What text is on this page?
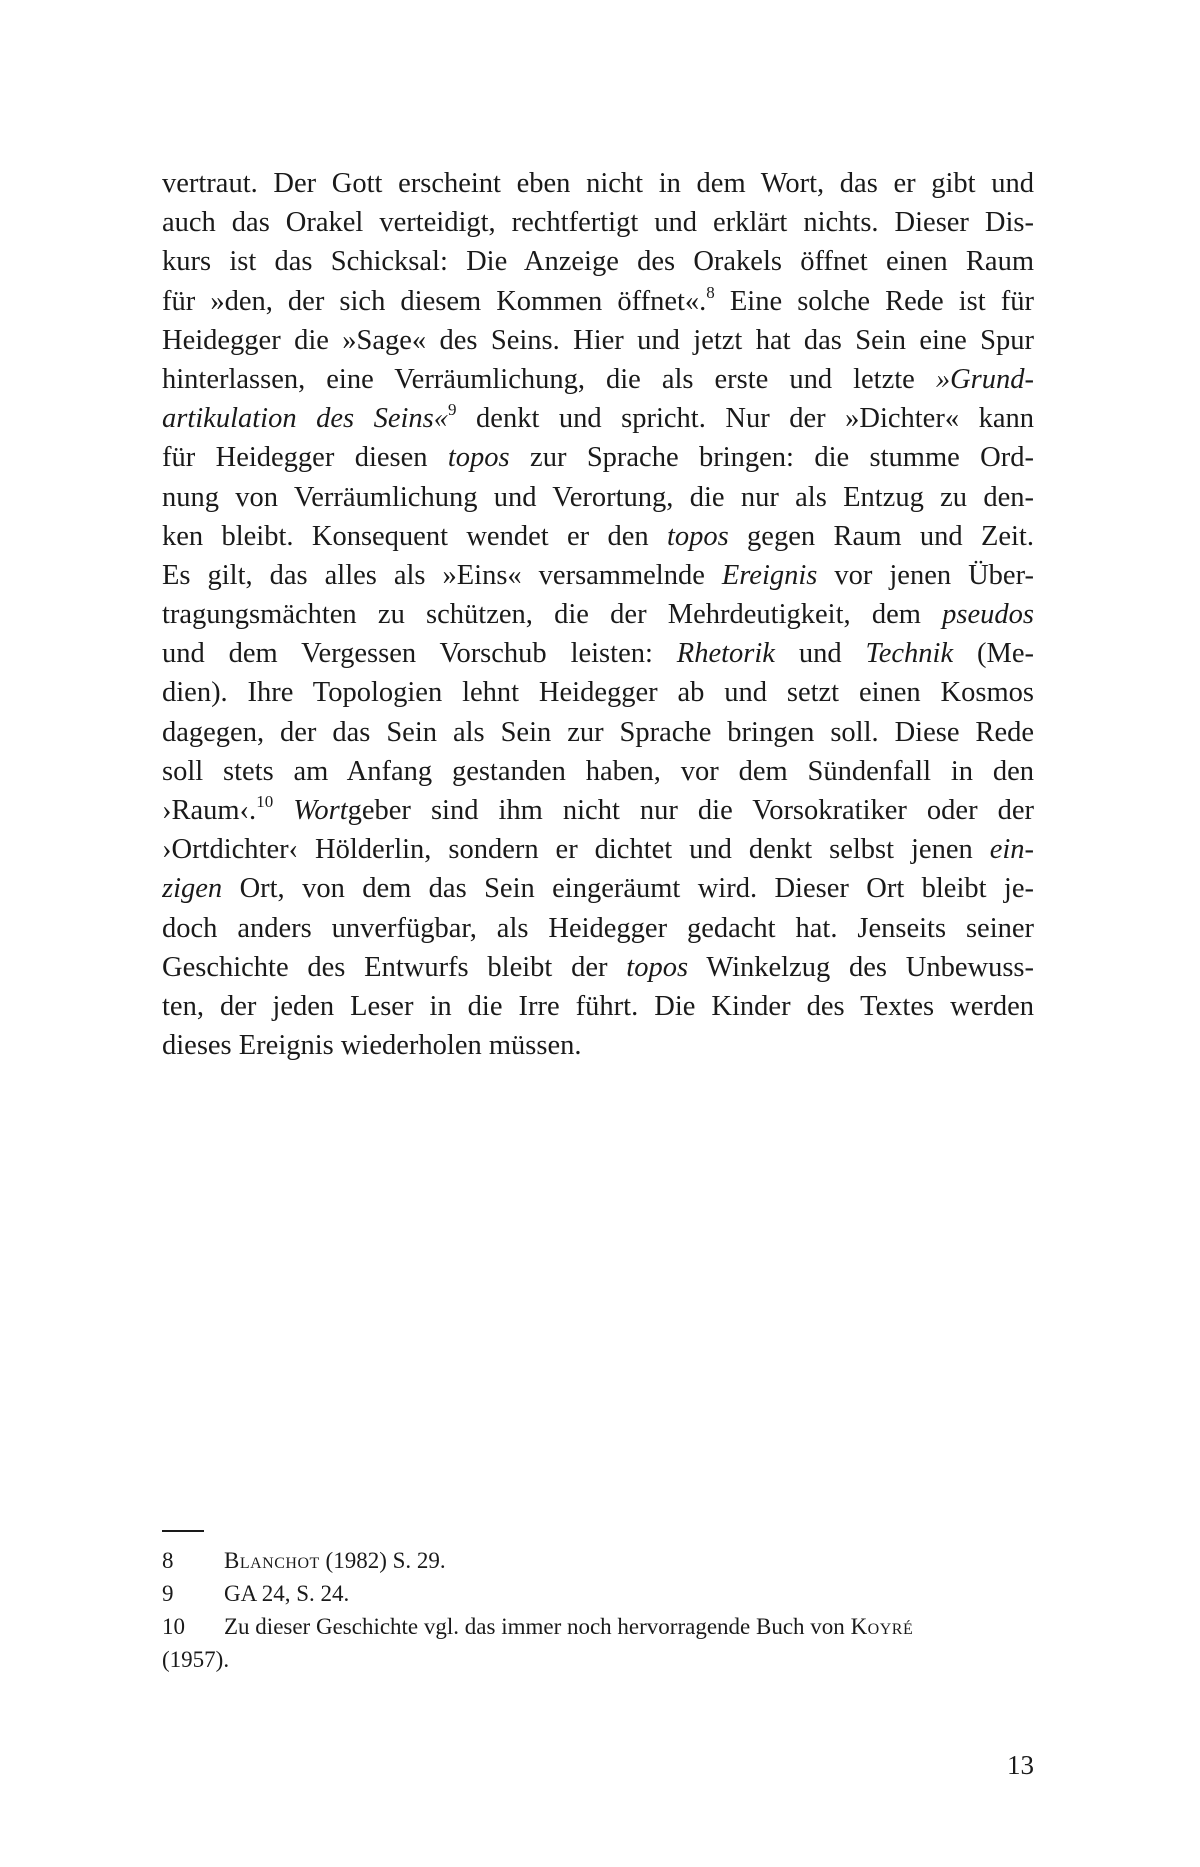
vertraut. Der Gott erscheint eben nicht in dem Wort, das er gibt und
auch das Orakel verteidigt, rechtfertigt und erklärt nichts. Dieser Dis-
kurs ist das Schicksal: Die Anzeige des Orakels öffnet einen Raum
für »den, der sich diesem Kommen öffnet«.$^8$ Eine solche Rede ist für
Heidegger die »Sage« des Seins. Hier und jetzt hat das Sein eine Spur
hinterlassen, eine Verräumlichung, die als erste und letzte »Grund-
artikulation des Seins«$^9$ denkt und spricht. Nur der »Dichter« kann
für Heidegger diesen topos zur Sprache bringen: die stumme Ord-
nung von Verräumlichung und Verortung, die nur als Entzug zu den-
ken bleibt. Konsequent wendet er den topos gegen Raum und Zeit.
Es gilt, das alles als »Eins« versammelnde Ereignis vor jenen Über-
tragungsmächten zu schützen, die der Mehrdeutigkeit, dem pseudos
und dem Vergessen Vorschub leisten: Rhetorik und Technik (Me-
dien). Ihre Topologien lehnt Heidegger ab und setzt einen Kosmos
dagegen, der das Sein als Sein zur Sprache bringen soll. Diese Rede
soll stets am Anfang gestanden haben, vor dem Sündenfall in den
›Raum‹.$^{10}$ Wortgeber sind ihm nicht nur die Vorsokratiker oder der
›Ortdichter‹ Hölderlin, sondern er dichtet und denkt selbst jenen ein-
zigen Ort, von dem das Sein eingeräumt wird. Dieser Ort bleibt je-
doch anders unverfügbar, als Heidegger gedacht hat. Jenseits seiner
Geschichte des Entwurfs bleibt der topos Winkelzug des Unbewuss-
ten, der jeden Leser in die Irre führt. Die Kinder des Textes werden
dieses Ereignis wiederholen müssen.
8	Blanchot (1982) S. 29.
9	GA 24, S. 24.
10	Zu dieser Geschichte vgl. das immer noch hervorragende Buch von Koyré
(1957).
13
